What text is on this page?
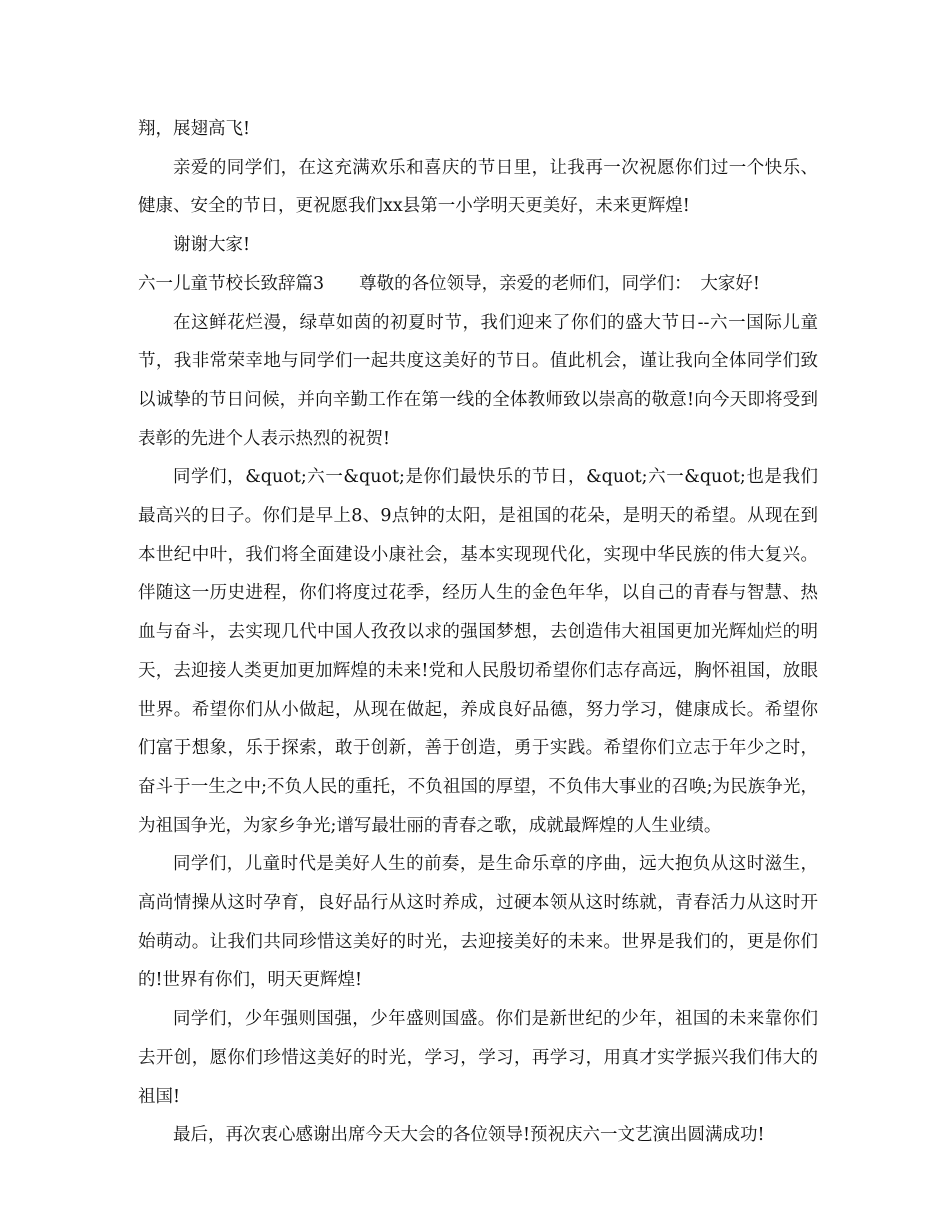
翔，展翅高飞!

亲爱的同学们，在这充满欢乐和喜庆的节日里，让我再一次祝愿你们过一个快乐、健康、安全的节日，更祝愿我们xx县第一小学明天更美好，未来更辉煌!

谢谢大家!

六一儿童节校长致辞篇3　　尊敬的各位领导，亲爱的老师们，同学们：　大家好!

在这鲜花烂漫，绿草如茵的初夏时节，我们迎来了你们的盛大节日--六一国际儿童节，我非常荣幸地与同学们一起共度这美好的节日。值此机会，谨让我向全体同学们致以诚挚的节日问候，并向辛勤工作在第一线的全体教师致以崇高的敬意!向今天即将受到表彰的先进个人表示热烈的祝贺!

同学们，&quot;六一&quot;是你们最快乐的节日，&quot;六一&quot;也是我们最高兴的日子。你们是早上8、9点钟的太阳，是祖国的花朵，是明天的希望。从现在到本世纪中叶，我们将全面建设小康社会，基本实现现代化，实现中华民族的伟大复兴。伴随这一历史进程，你们将度过花季，经历人生的金色年华，以自己的青春与智慧、热血与奋斗，去实现几代中国人孜孜以求的强国梦想，去创造伟大祖国更加光辉灿烂的明天，去迎接人类更加更加辉煌的未来!党和人民殷切希望你们志存高远，胸怀祖国，放眼世界。希望你们从小做起，从现在做起，养成良好品德，努力学习，健康成长。希望你们富于想象，乐于探索，敢于创新，善于创造，勇于实践。希望你们立志于年少之时，奋斗于一生之中;不负人民的重托，不负祖国的厚望，不负伟大事业的召唤;为民族争光，为祖国争光，为家乡争光;谱写最壮丽的青春之歌，成就最辉煌的人生业绩。

同学们，儿童时代是美好人生的前奏，是生命乐章的序曲，远大抱负从这时滋生，高尚情操从这时孕育，良好品行从这时养成，过硬本领从这时练就，青春活力从这时开始萌动。让我们共同珍惜这美好的时光，去迎接美好的未来。世界是我们的，更是你们的!世界有你们，明天更辉煌!

同学们，少年强则国强，少年盛则国盛。你们是新世纪的少年，祖国的未来靠你们去开创，愿你们珍惜这美好的时光，学习，学习，再学习，用真才实学振兴我们伟大的祖国!

最后，再次衷心感谢出席今天大会的各位领导!预祝庆六一文艺演出圆满成功!
